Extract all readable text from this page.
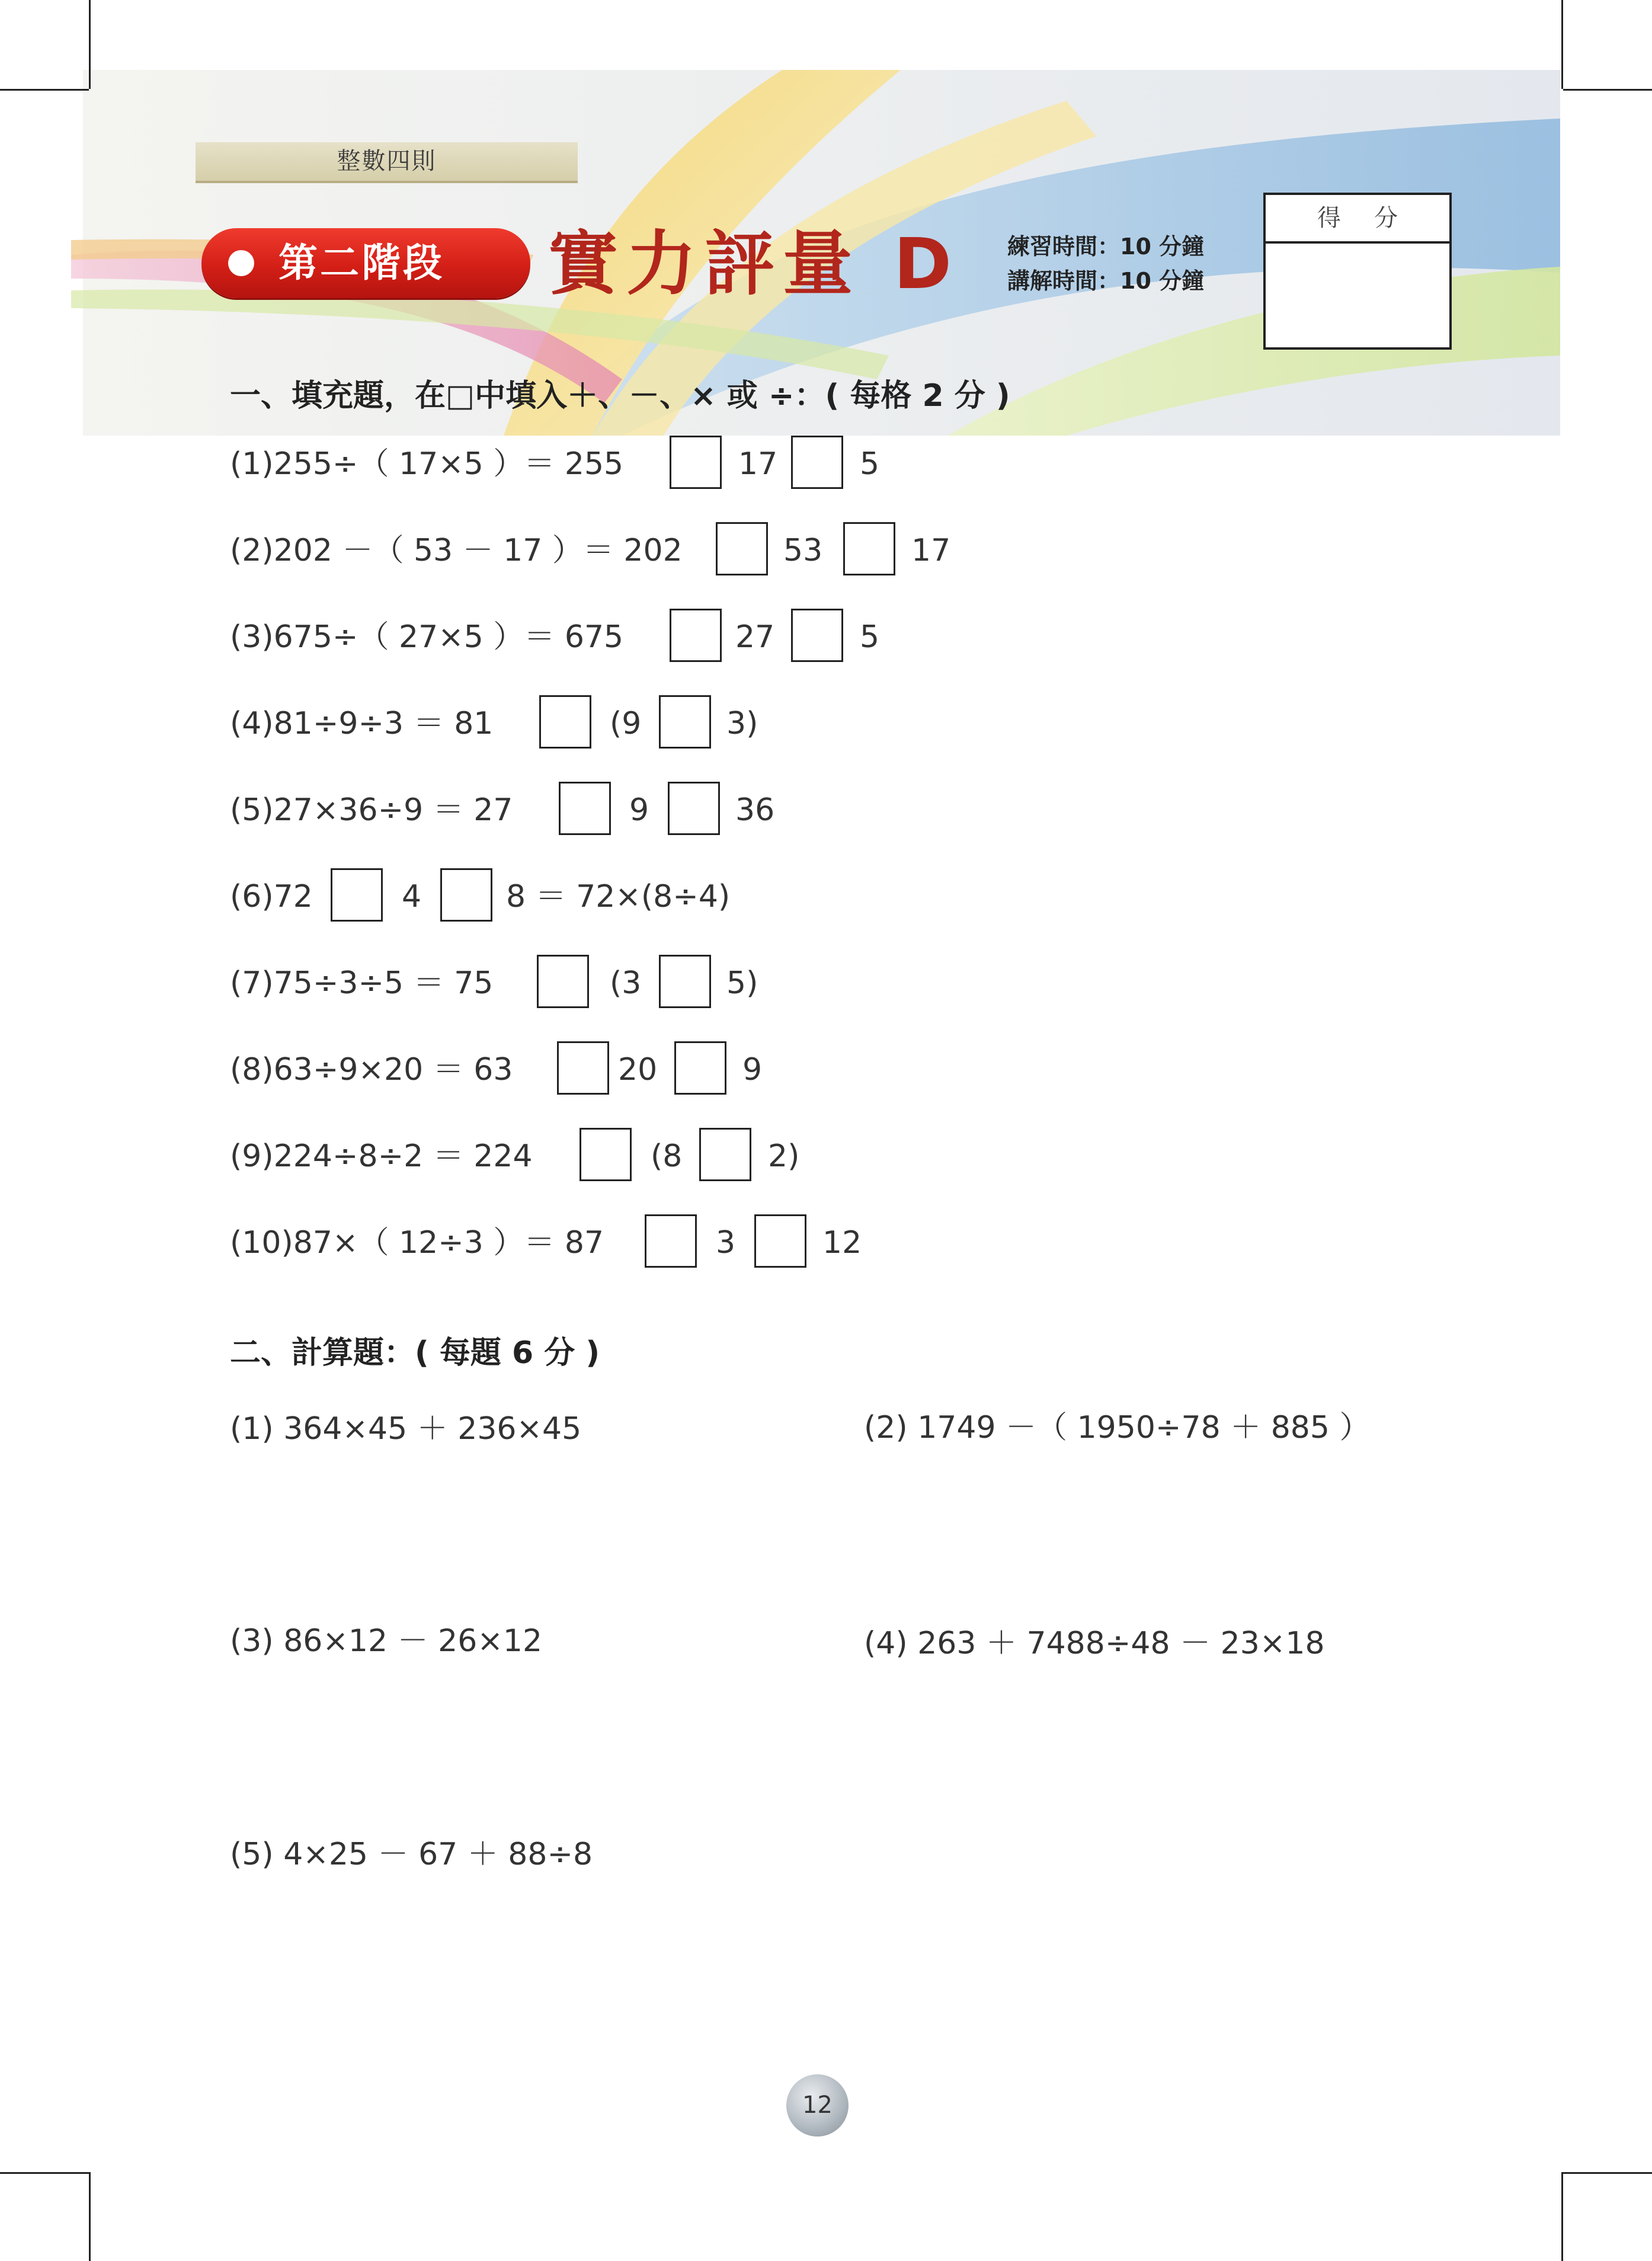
整數四則
第二階段 實力評量 D 練習時間：10 分鐘
講解時間：10 分鐘
得分
一、填充題，在□中填入＋、－、× 或 ÷：( 每格 2 分 )
(1)255÷（ 17×5 ）＝ 255	17	5
(2)202 －（ 53 － 17 ）＝ 202	53	17
(3)675÷（ 27×5 ）＝ 675	27	5
(4)81÷9÷3 ＝ 81	(9	3)
(5)27×36÷9 ＝ 27	9	36
(6)72	4	8 ＝ 72×(8÷4)
(7)75÷3÷5 ＝ 75	(3	5)
(8)63÷9×20 ＝ 63	20	9
(9)224÷8÷2 ＝ 224	(8	2)
(10)87×（ 12÷3 ）＝ 87	3	12
二、計算題：( 每題 6 分 )
(1) 364×45 ＋ 236×45	(2) 1749 －（ 1950÷78 ＋ 885 ）
(3) 86×12 － 26×12	(4) 263 ＋ 7488÷48 － 23×18
(5) 4×25 － 67 ＋ 88÷8
12
